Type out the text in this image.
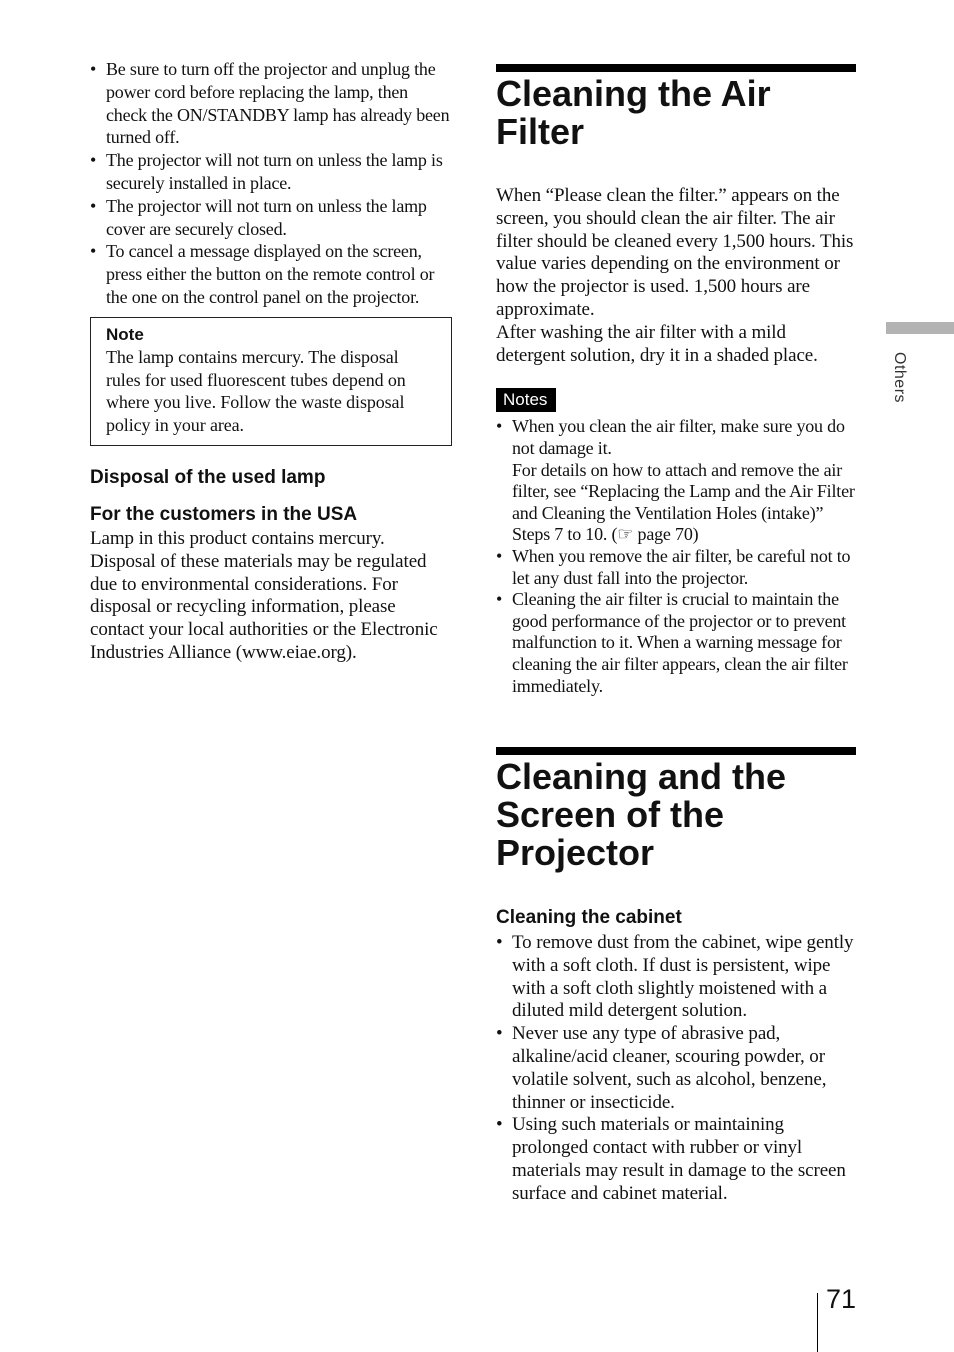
• Be sure to turn off the projector and unplug the power cord before replacing the lamp, then check the ON/STANDBY lamp has already been turned off.
• The projector will not turn on unless the lamp is securely installed in place.
• The projector will not turn on unless the lamp cover are securely closed.
• To cancel a message displayed on the screen, press either the button on the remote control or the one on the control panel on the projector.
Note
The lamp contains mercury. The disposal rules for used fluorescent tubes depend on where you live. Follow the waste disposal policy in your area.
Disposal of the used lamp
For the customers in the USA

Lamp in this product contains mercury. Disposal of these materials may be regulated due to environmental considerations. For disposal or recycling information, please contact your local authorities or the Electronic Industries Alliance (www.eiae.org).

Cleaning the Air Filter

When “Please clean the filter.” appears on the screen, you should clean the air filter. The air filter should be cleaned every 1,500 hours. This value varies depending on the environment or how the projector is used. 1,500 hours are approximate.

After washing the air filter with a mild detergent solution, dry it in a shaded place.

Notes
• When you clean the air filter, make sure you do not damage it.
For details on how to attach and remove the air filter, see “Replacing the Lamp and the Air Filter and Cleaning the Ventilation Holes (intake)” Steps 7 to 10. (☞ page 70)
• When you remove the air filter, be careful not to let any dust fall into the projector.
• Cleaning the air filter is crucial to maintain the good performance of the projector or to prevent malfunction to it. When a warning message for cleaning the air filter appears, clean the air filter immediately.
Cleaning and the Screen of the Projector
Cleaning the cabinet
• To remove dust from the cabinet, wipe gently with a soft cloth. If dust is persistent, wipe with a soft cloth slightly moistened with a diluted mild detergent solution.
• Never use any type of abrasive pad, alkaline/acid cleaner, scouring powder, or volatile solvent, such as alcohol, benzene, thinner or insecticide.
• Using such materials or maintaining prolonged contact with rubber or vinyl materials may result in damage to the screen surface and cabinet material.
Others
71
